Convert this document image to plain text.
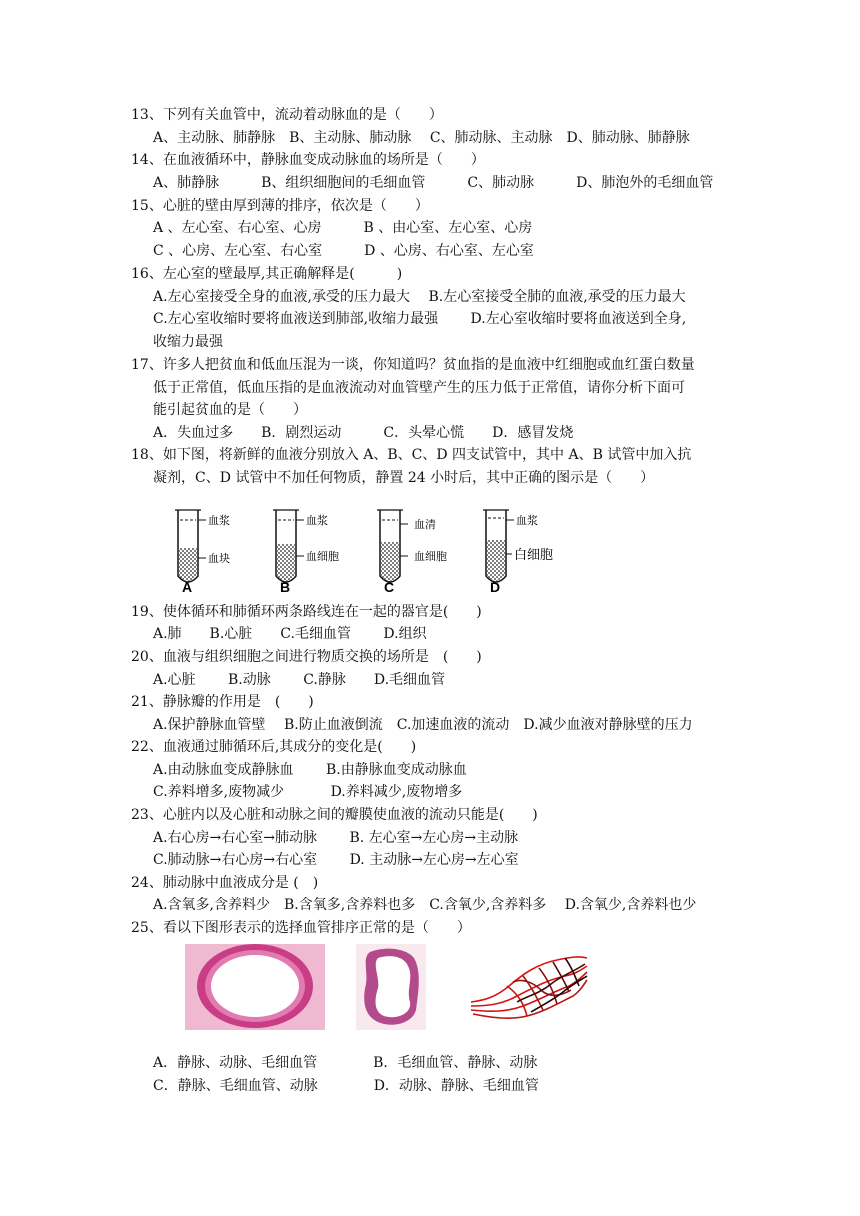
13、下列有关血管中，流动着动脉血的是（　　）
A、主动脉、肺静脉　B、主动脉、肺动脉　 C、肺动脉、主动脉　D、肺动脉、肺静脉
14、在血液循环中，静脉血变成动脉血的场所是（　　）
A、肺静脉　　　B、组织细胞间的毛细血管　　　C、肺动脉　　　D、肺泡外的毛细血管
15、心脏的壁由厚到薄的排序，依次是（　　）
A 、左心室、右心室、心房　　　B 、由心室、左心室、心房
C 、心房、左心室、右心室　　　D 、心房、右心室、左心室
16、左心室的壁最厚,其正确解释是(　　　)
A.左心室接受全身的血液,承受的压力最大　 B.左心室接受全肺的血液,承受的压力最大
C.左心室收缩时要将血液送到肺部,收缩力最强　　 D.左心室收缩时要将血液送到全身,
收缩力最强
17、许多人把贫血和低血压混为一谈，你知道吗？贫血指的是血液中红细胞或血红蛋白数量
低于正常值，低血压指的是血液流动对血管壁产生的压力低于正常值，请你分析下面可
能引起贫血的是（　　）
A．失血过多　　B．剧烈运动　　　C．头晕心慌　　D．感冒发烧
18、如下图，将新鲜的血液分别放入 A、B、C、D 四支试管中，其中 A、B 试管中加入抗
凝剂，C、D 试管中不加任何物质，静置 24 小时后，其中正确的图示是（　　）
血浆
血块
A
血浆
血细胞
B
血清
血细胞
C
血浆
白细胞
D
19、使体循环和肺循环两条路线连在一起的器官是(　　)
A.肺　　B.心脏　　C.毛细血管　　 D.组织
20、血液与组织细胞之间进行物质交换的场所是　(　　)
A.心脏　　 B.动脉　　 C.静脉　　D.毛细血管
21、静脉瓣的作用是　(　　)
A.保护静脉血管壁　 B.防止血液倒流　C.加速血液的流动　D.减少血液对静脉壁的压力
22、血液通过肺循环后,其成分的变化是(　　)
A.由动脉血变成静脉血　　 B.由静脉血变成动脉血
C.养料增多,废物减少　　　 D.养料减少,废物增多
23、心脏内以及心脏和动脉之间的瓣膜使血液的流动只能是(　　)
A.右心房→右心室→肺动脉　　 B. 左心室→左心房→主动脉
C.肺动脉→右心房→右心室　　 D. 主动脉→左心房→左心室
24、肺动脉中血液成分是 (　)
A.含氧多,含养料少　B.含氧多,含养料也多　C.含氧少,含养料多　 D.含氧少,含养料也少
25、看以下图形表示的选择血管排序正常的是（　　）
A．静脉、动脉、毛细血管　　　　B．毛细血管、静脉、动脉
C．静脉、毛细血管、动脉　　　　D．动脉、静脉、毛细血管
